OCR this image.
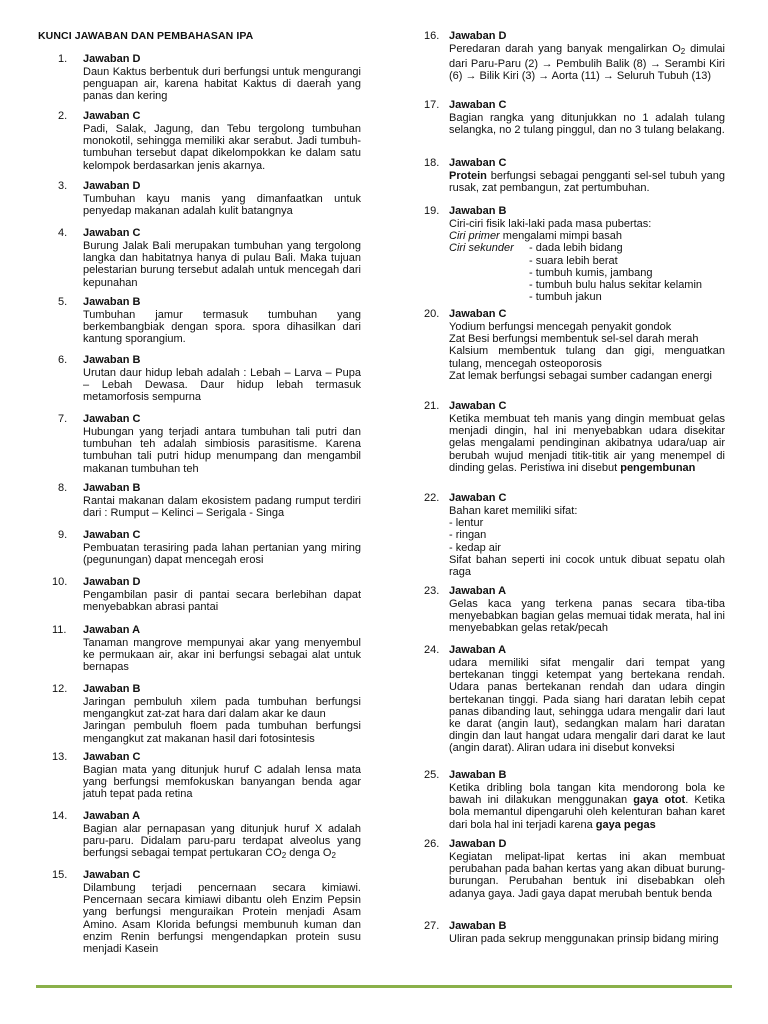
KUNCI JAWABAN DAN PEMBAHASAN IPA
1.	Jawaban D
Daun Kaktus berbentuk duri berfungsi untuk mengurangi penguapan air, karena habitat Kaktus di daerah yang panas dan kering
2.	Jawaban C
Padi, Salak, Jagung, dan Tebu tergolong tumbuhan monokotil, sehingga memiliki akar serabut. Jadi tumbuh-tumbuhan tersebut dapat dikelompokkan ke dalam satu kelompok berdasarkan jenis akarnya.
3.	Jawaban D
Tumbuhan kayu manis yang dimanfaatkan untuk penyedap makanan adalah kulit batangnya
4.	Jawaban C
Burung Jalak Bali merupakan tumbuhan yang tergolong langka dan habitatnya hanya di pulau Bali. Maka tujuan pelestarian burung tersebut adalah untuk mencegah dari kepunahan
5.	Jawaban B
Tumbuhan jamur termasuk tumbuhan yang berkembangbiak dengan spora. spora dihasilkan dari kantung sporangium.
6.	Jawaban B
Urutan daur hidup lebah adalah : Lebah – Larva – Pupa – Lebah Dewasa. Daur hidup lebah termasuk metamorfosis sempurna
7.	Jawaban C
Hubungan yang terjadi antara tumbuhan tali putri dan tumbuhan teh adalah simbiosis parasitisme. Karena tumbuhan tali putri hidup menumpang dan mengambil makanan tumbuhan teh
8.	Jawaban B
Rantai makanan dalam ekosistem padang rumput terdiri dari : Rumput – Kelinci – Serigala - Singa
9.	Jawaban C
Pembuatan terasiring pada lahan pertanian yang miring (pegunungan) dapat mencegah erosi
10.	Jawaban D
Pengambilan pasir di pantai secara berlebihan dapat menyebabkan abrasi pantai
11.	Jawaban A
Tanaman mangrove mempunyai akar yang menyembul ke permukaan air, akar ini berfungsi sebagai alat untuk bernapas
12.	Jawaban B
Jaringan pembuluh xilem pada tumbuhan berfungsi mengangkut zat-zat hara dari dalam akar ke daun
Jaringan pembuluh floem pada tumbuhan berfungsi mengangkut zat makanan hasil dari fotosintesis
13.	Jawaban C
Bagian mata yang ditunjuk huruf C adalah lensa mata yang berfungsi memfokuskan banyangan benda agar jatuh tepat pada retina
14.	Jawaban A
Bagian alar pernapasan yang ditunjuk huruf X adalah paru-paru. Didalam paru-paru terdapat alveolus yang berfungsi sebagai tempat pertukaran $CO_2$ denga $O_2$
15.	Jawaban C
Dilambung terjadi pencernaan secara kimiawi. Pencernaan secara kimiawi dibantu oleh Enzim Pepsin yang berfungsi menguraikan Protein menjadi Asam Amino. Asam Klorida befungsi membunuh kuman dan enzim Renin berfungsi mengendapkan protein susu menjadi Kasein
16. Jawaban D
Peredaran darah yang banyak mengalirkan $O_2$ dimulai dari Paru-Paru (2) → Pembulih Balik (8) → Serambi Kiri (6) → Bilik Kiri (3) → Aorta (11) → Seluruh Tubuh (13)
17. Jawaban C
Bagian rangka yang ditunjukkan no 1 adalah tulang selangka, no 2 tulang pinggul, dan no 3 tulang belakang.
18. Jawaban C
Protein berfungsi sebagai pengganti sel-sel tubuh yang rusak, zat pembangun, zat pertumbuhan.
19. Jawaban B
Ciri-ciri fisik laki-laki pada masa pubertas:
Ciri primer mengalami mimpi basah
Ciri sekunder	- dada lebih bidang
- suara lebih berat
- tumbuh kumis, jambang
- tumbuh bulu halus sekitar kelamin
- tumbuh jakun
20. Jawaban C
Yodium berfungsi mencegah penyakit gondok
Zat Besi berfungsi membentuk sel-sel darah merah
Kalsium membentuk tulang dan gigi, menguatkan tulang, mencegah osteoporosis
Zat lemak berfungsi sebagai sumber cadangan energi
21. Jawaban C
Ketika membuat teh manis yang dingin membuat gelas menjadi dingin, hal ini menyebabkan udara disekitar gelas mengalami pendinginan akibatnya udara/uap air berubah wujud menjadi titik-titik air yang menempel di dinding gelas. Peristiwa ini disebut pengembunan
22. Jawaban C
Bahan karet memiliki sifat:
- lentur
- ringan
- kedap air
Sifat bahan seperti ini cocok untuk dibuat sepatu olah raga
23. Jawaban A
Gelas kaca yang terkena panas secara tiba-tiba menyebabkan bagian gelas memuai tidak merata, hal ini menyebabkan gelas retak/pecah
24. Jawaban A
udara memiliki sifat mengalir dari tempat yang bertekanan tinggi ketempat yang bertekana rendah. Udara panas bertekanan rendah dan udara dingin bertekanan tinggi. Pada siang hari daratan lebih cepat panas dibanding laut, sehingga udara mengalir dari laut ke darat (angin laut), sedangkan malam hari daratan dingin dan laut hangat udara mengalir dari darat ke laut (angin darat). Aliran udara ini disebut konveksi
25. Jawaban B
Ketika dribling bola tangan kita mendorong bola ke bawah ini dilakukan menggunakan gaya otot. Ketika bola memantul dipengaruhi oleh kelenturan bahan karet dari bola hal ini terjadi karena gaya pegas
26. Jawaban D
Kegiatan melipat-lipat kertas ini akan membuat perubahan pada bahan kertas yang akan dibuat burung-burungan. Perubahan bentuk ini disebabkan oleh adanya gaya. Jadi gaya dapat merubah bentuk benda
27. Jawaban B
Uliran pada sekrup menggunakan prinsip bidang miring
